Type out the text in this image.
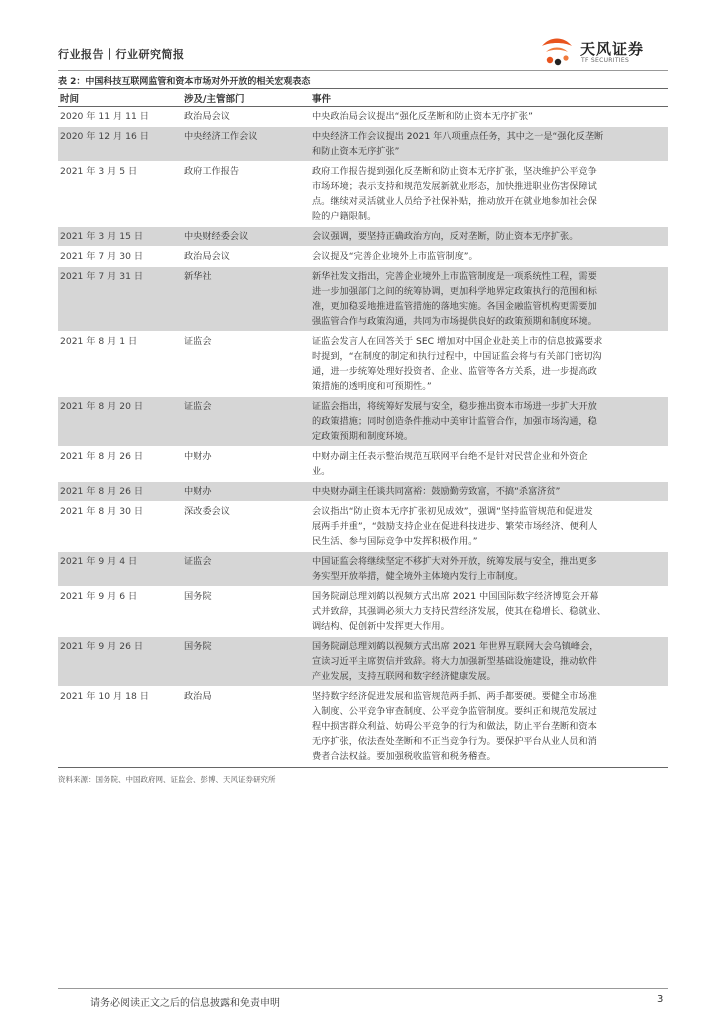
行业报告｜行业研究简报	天风证券
TF SECURITIES
表 2：中国科技互联网监管和资本市场对外开放的相关宏观表态
时间	涉及/主管部门	事件
2020 年 11 月 11 日	政治局会议	中央政治局会议提出“强化反垄断和防止资本无序扩张”
2020 年 12 月 16 日	中央经济工作会议	中央经济工作会议提出 2021 年八项重点任务，其中之一是“强化反垄断
和防止资本无序扩张”
2021 年 3 月 5 日	政府工作报告	政府工作报告提到强化反垄断和防止资本无序扩张，坚决维护公平竞争
市场环境；表示支持和规范发展新就业形态，加快推进职业伤害保障试
点。继续对灵活就业人员给予社保补贴，推动放开在就业地参加社会保
险的户籍限制。
2021 年 3 月 15 日	中央财经委会议	会议强调，要坚持正确政治方向，反对垄断，防止资本无序扩张。
2021 年 7 月 30 日	政治局会议	会议提及“完善企业境外上市监管制度”。
2021 年 7 月 31 日	新华社	新华社发文指出，完善企业境外上市监管制度是一项系统性工程，需要
进一步加强部门之间的统筹协调，更加科学地界定政策执行的范围和标
准，更加稳妥地推进监管措施的落地实施。各国金融监管机构更需要加
强监管合作与政策沟通，共同为市场提供良好的政策预期和制度环境。
2021 年 8 月 1 日	证监会	证监会发言人在回答关于 SEC 增加对中国企业赴美上市的信息披露要求
时提到，“在制度的制定和执行过程中，中国证监会将与有关部门密切沟
通，进一步统筹处理好投资者、企业、监管等各方关系，进一步提高政
策措施的透明度和可预期性。”
2021 年 8 月 20 日	证监会	证监会指出，将统筹好发展与安全，稳步推出资本市场进一步扩大开放
的政策措施；同时创造条件推动中美审计监管合作，加强市场沟通，稳
定政策预期和制度环境。
2021 年 8 月 26 日	中财办	中财办副主任表示整治规范互联网平台绝不是针对民营企业和外资企
业。
2021 年 8 月 26 日	中财办	中央财办副主任谈共同富裕：鼓励勤劳致富，不搞“杀富济贫”
2021 年 8 月 30 日	深改委会议	会议指出“防止资本无序扩张初见成效”，强调“坚持监管规范和促进发
展两手并重”，“鼓励支持企业在促进科技进步、繁荣市场经济、便利人
民生活、参与国际竞争中发挥积极作用。”
2021 年 9 月 4 日	证监会	中国证监会将继续坚定不移扩大对外开放，统筹发展与安全，推出更多
务实型开放举措，健全境外主体境内发行上市制度。
2021 年 9 月 6 日	国务院	国务院副总理刘鹤以视频方式出席 2021 中国国际数字经济博览会开幕
式并致辞，其强调必须大力支持民营经济发展，使其在稳增长、稳就业、
调结构、促创新中发挥更大作用。
2021 年 9 月 26 日	国务院	国务院副总理刘鹤以视频方式出席 2021 年世界互联网大会乌镇峰会，
宣读习近平主席贺信并致辞。将大力加强新型基础设施建设，推动软件
产业发展，支持互联网和数字经济健康发展。
2021 年 10 月 18 日	政治局	坚持数字经济促进发展和监管规范两手抓、两手都要硬。要健全市场准
入制度、公平竞争审查制度、公平竞争监管制度。要纠正和规范发展过
程中损害群众利益、妨碍公平竞争的行为和做法，防止平台垄断和资本
无序扩张，依法查处垄断和不正当竞争行为。要保护平台从业人员和消
费者合法权益。要加强税收监管和税务稽查。
资料来源：国务院、中国政府网、证监会、彭博、天风证券研究所
请务必阅读正文之后的信息披露和免责申明	3
